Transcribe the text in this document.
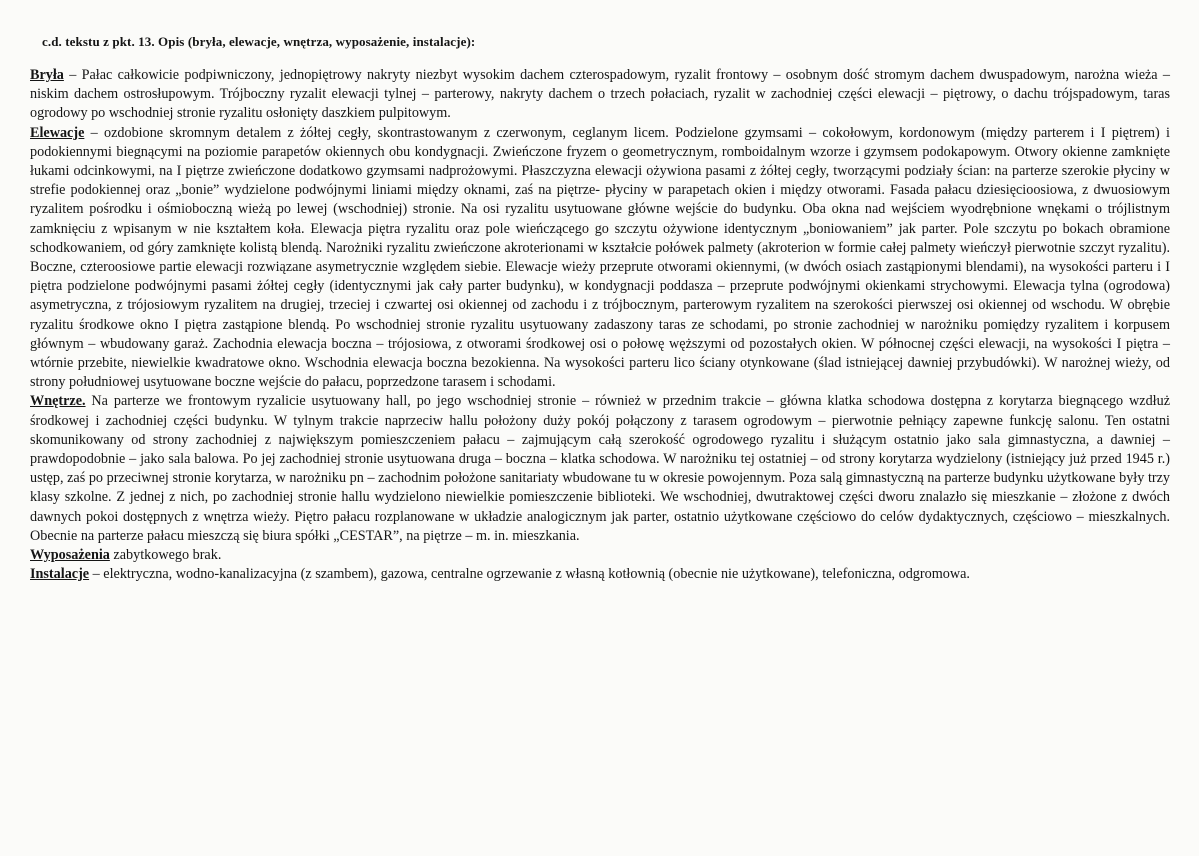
c.d. tekstu z pkt. 13. Opis (bryła, elewacje, wnętrza, wyposażenie, instalacje):

Bryła – Pałac całkowicie podpiwniczony, jednopiętrowy nakryty niezbyt wysokim dachem czterospadowym, ryzalit frontowy – osobnym dość stromym dachem dwuspadowym, narożna wieża – niskim dachem ostrosłupowym. Trójboczny ryzalit elewacji tylnej – parterowy, nakryty dachem o trzech połaciach, ryzalit w zachodniej części elewacji – piętrowy, o dachu trójspadowym, taras ogrodowy po wschodniej stronie ryzalitu osłonięty daszkiem pulpitowym.

Elewacje – ozdobione skromnym detalem z żółtej cegły, skontrastowanym z czerwonym, ceglanym licem. Podzielone gzymsami – cokołowym, kordonowym (między parterem i I piętrem) i podokiennymi biegnącymi na poziomie parapetów okiennych obu kondygnacji. Zwieńczone fryzem o geometrycznym, romboidalnym wzorze i gzymsem podokapowym. Otwory okienne zamknięte łukami odcinkowymi, na I piętrze zwieńczone dodatkowo gzymsami nadprożowymi. Płaszczyzna elewacji ożywiona pasami z żółtej cegły, tworzącymi podziały ścian: na parterze szerokie płyciny w strefie podokiennej oraz „bonie” wydzielone podwójnymi liniami między oknami, zaś na piętrze- płyciny w parapetach okien i między otworami. Fasada pałacu dziesięcioosiowa, z dwuosiowym ryzalitem pośrodku i ośmioboczną wieżą po lewej (wschodniej) stronie. Na osi ryzalitu usytuowane główne wejście do budynku. Oba okna nad wejściem wyodrębnione wnękami o trójlistnym zamknięciu z wpisanym w nie kształtem koła. Elewacja piętra ryzalitu oraz pole wieńczącego go szczytu ożywione identycznym „boniowaniem” jak parter. Pole szczytu po bokach obramione schodkowaniem, od góry zamknięte kolistą blendą. Narożniki ryzalitu zwieńczone akroterionami w kształcie połówek palmety (akroterion w formie całej palmety wieńczył pierwotnie szczyt ryzalitu). Boczne, czteroosiowe partie elewacji rozwiązane asymetrycznie względem siebie. Elewacje wieży przeprute otworami okiennymi, (w dwóch osiach zastąpionymi blendami), na wysokości parteru i I piętra podzielone podwójnymi pasami żółtej cegły (identycznymi jak cały parter budynku), w kondygnacji poddasza – przeprute podwójnymi okienkami strychowymi. Elewacja tylna (ogrodowa) asymetryczna, z trójosiowym ryzalitem na drugiej, trzeciej i czwartej osi okiennej od zachodu i z trójbocznym, parterowym ryzalitem na szerokości pierwszej osi okiennej od wschodu. W obrębie ryzalitu środkowe okno I piętra zastąpione blendą. Po wschodniej stronie ryzalitu usytuowany zadaszony taras ze schodami, po stronie zachodniej w narożniku pomiędzy ryzalitem i korpusem głównym – wbudowany garaż. Zachodnia elewacja boczna – trójosiowa, z otworami środkowej osi o połowę węższymi od pozostałych okien. W północnej części elewacji, na wysokości I piętra – wtórnie przebite, niewielkie kwadratowe okno. Wschodnia elewacja boczna bezokienna. Na wysokości parteru lico ściany otynkowane (ślad istniejącej dawniej przybudówki). W narożnej wieży, od strony południowej usytuowane boczne wejście do pałacu, poprzedzone tarasem i schodami.

Wnętrze. Na parterze we frontowym ryzalicie usytuowany hall, po jego wschodniej stronie – również w przednim trakcie – główna klatka schodowa dostępna z korytarza biegnącego wzdłuż środkowej i zachodniej części budynku. W tylnym trakcie naprzeciw hallu położony duży pokój połączony z tarasem ogrodowym – pierwotnie pełniący zapewne funkcję salonu. Ten ostatni skomunikowany od strony zachodniej z największym pomieszczeniem pałacu – zajmującym całą szerokość ogrodowego ryzalitu i służącym ostatnio jako sala gimnastyczna, a dawniej – prawdopodobnie – jako sala balowa. Po jej zachodniej stronie usytuowana druga – boczna – klatka schodowa. W narożniku tej ostatniej – od strony korytarza wydzielony (istniejący już przed 1945 r.) ustęp, zaś po przeciwnej stronie korytarza, w narożniku pn – zachodnim położone sanitariaty wbudowane tu w okresie powojennym. Poza salą gimnastyczną na parterze budynku użytkowane były trzy klasy szkolne. Z jednej z nich, po zachodniej stronie hallu wydzielono niewielkie pomieszczenie biblioteki. We wschodniej, dwutraktowej części dworu znalazło się mieszkanie – złożone z dwóch dawnych pokoi dostępnych z wnętrza wieży. Piętro pałacu rozplanowane w układzie analogicznym jak parter, ostatnio użytkowane częściowo do celów dydaktycznych, częściowo – mieszkalnych. Obecnie na parterze pałacu mieszczą się biura spółki „CESTAR”, na piętrze – m. in. mieszkania.

Wyposażenia zabytkowego brak.

Instalacje – elektryczna, wodno-kanalizacyjna (z szambem), gazowa, centralne ogrzewanie z własną kotłownią (obecnie nie użytkowane), telefoniczna, odgromowa.
